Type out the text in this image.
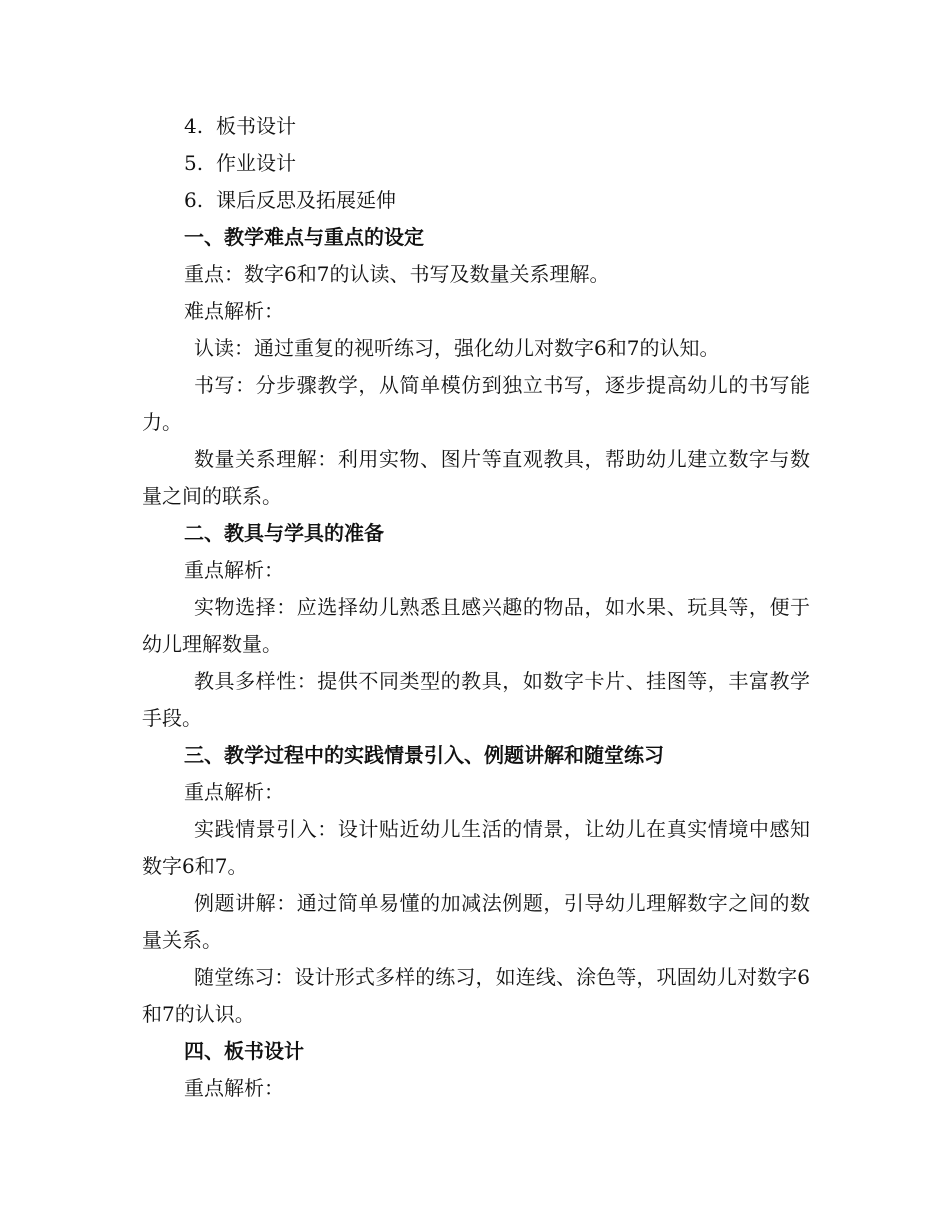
4. 板书设计
5. 作业设计
6. 课后反思及拓展延伸
一、教学难点与重点的设定
重点：数字6和7的认读、书写及数量关系理解。
难点解析：

认读：通过重复的视听练习，强化幼儿对数字6和7的认知。

书写：分步骤教学，从简单模仿到独立书写，逐步提高幼儿的书写能力。

数量关系理解：利用实物、图片等直观教具，帮助幼儿建立数字与数量之间的联系。

二、教具与学具的准备
重点解析：

实物选择：应选择幼儿熟悉且感兴趣的物品，如水果、玩具等，便于幼儿理解数量。

教具多样性：提供不同类型的教具，如数字卡片、挂图等，丰富教学手段。

三、教学过程中的实践情景引入、例题讲解和随堂练习
重点解析：

实践情景引入：设计贴近幼儿生活的情景，让幼儿在真实情境中感知数字6和7。

例题讲解：通过简单易懂的加减法例题，引导幼儿理解数字之间的数量关系。

随堂练习：设计形式多样的练习，如连线、涂色等，巩固幼儿对数字6和7的认识。

四、板书设计
重点解析：
